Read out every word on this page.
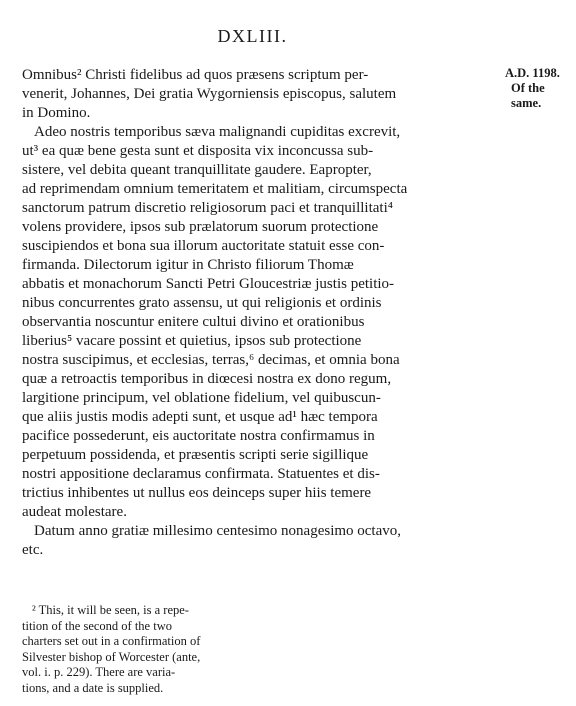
DXLIII.
A.D. 1198.
Of the
same.
Omnibus² Christi fidelibus ad quos præsens scriptum per-
venerit, Johannes, Dei gratia Wygorniensis episcopus, salutem
in Domino.
Adeo nostris temporibus sæva malignandi cupiditas excrevit,
ut³ ea quæ bene gesta sunt et disposita vix inconcussa sub-
sistere, vel debita queant tranquillitate gaudere. Eapropter,
ad reprimendam omnium temeritatem et malitiam, circumspecta
sanctorum patrum discretio religiosorum paci et tranquillitati⁴
volens providere, ipsos sub prælatorum suorum protectione
suscipiendos et bona sua illorum auctoritate statuit esse con-
firmanda. Dilectorum igitur in Christo filiorum Thomæ
abbatis et monachorum Sancti Petri Gloucestriæ justis petitio-
nibus concurrentes grato assensu, ut qui religionis et ordinis
observantia noscuntur enitere cultui divino et orationibus
liberius⁵ vacare possint et quietius, ipsos sub protectione
nostra suscipimus, et ecclesias, terras,⁶ decimas, et omnia bona
quæ a retroactis temporibus in diœcesi nostra ex dono regum,
largitione principum, vel oblatione fidelium, vel quibuscun-
que aliis justis modis adepti sunt, et usque ad¹ hæc tempora
pacifice possederunt, eis auctoritate nostra confirmamus in
perpetuum possidenda, et præsentis scripti serie sigillique
nostri appositione declaramus confirmata. Statuentes et dis-
trictius inhibentes ut nullus eos deinceps super hiis temere
audeat molestare.
Datum anno gratiæ millesimo centesimo nonagesimo octavo,
etc.
² This, it will be seen, is a repe-
tition of the second of the two
charters set out in a confirmation of
Silvester bishop of Worcester (ante,
vol. i. p. 229). There are varia-
tions, and a date is supplied.
